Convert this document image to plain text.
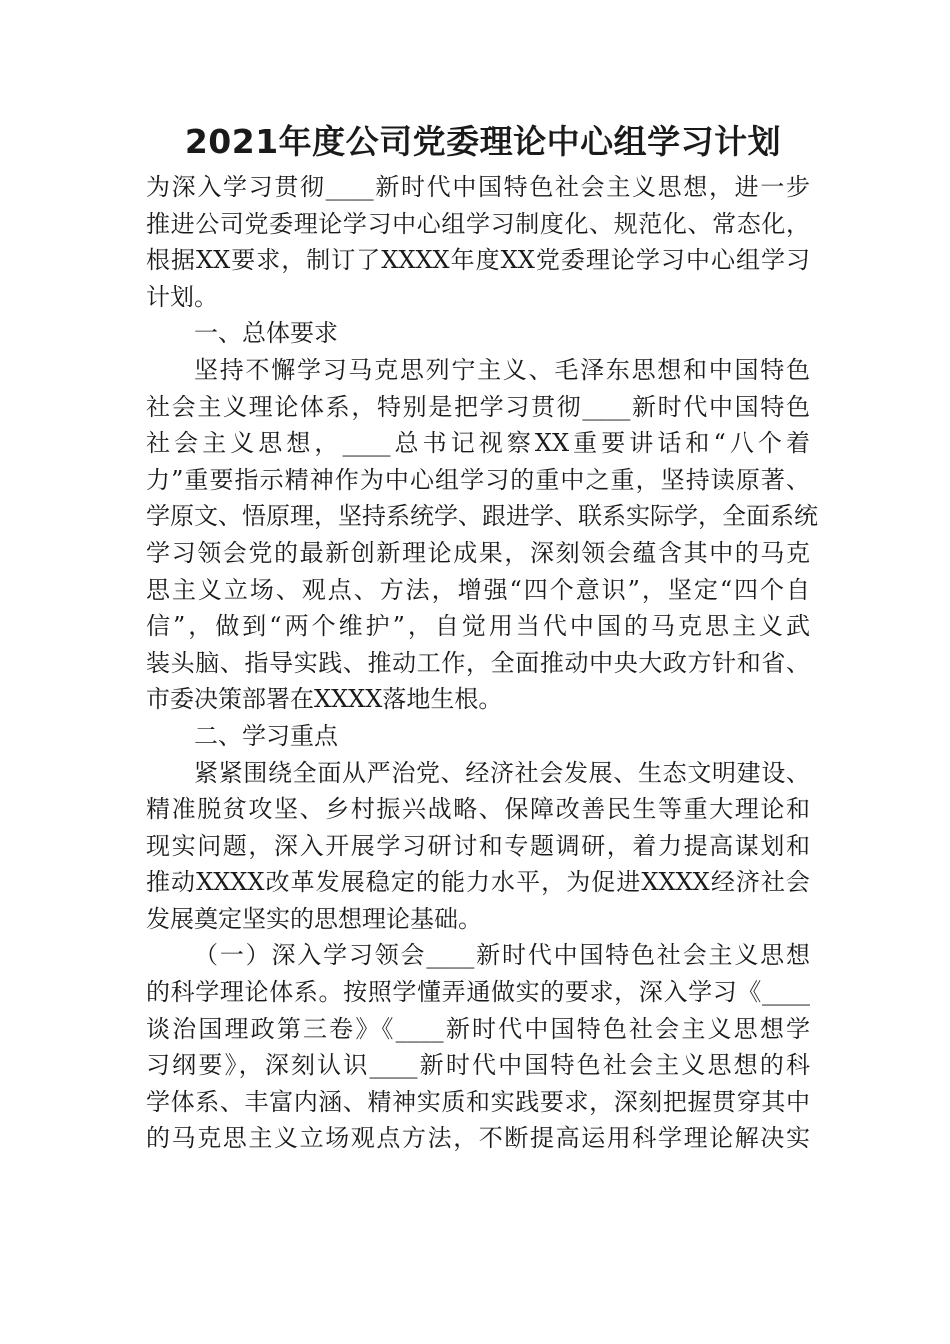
2021年度公司党委理论中心组学习计划

为深入学习贯彻____新时代中国特色社会主义思想，进一步
推进公司党委理论学习中心组学习制度化、规范化、常态化，
根据XX要求，制订了XXXX年度XX党委理论学习中心组学习
计划。

一、总体要求

坚持不懈学习马克思列宁主义、毛泽东思想和中国特色
社会主义理论体系，特别是把学习贯彻____新时代中国特色
社会主义思想，____总书记视察XX重要讲话和“八个着
力”重要指示精神作为中心组学习的重中之重，坚持读原著、
学原文、悟原理，坚持系统学、跟进学、联系实际学，全面系统
学习领会党的最新创新理论成果，深刻领会蕴含其中的马克
思主义立场、观点、方法，增强“四个意识”，坚定“四个自
信”，做到“两个维护”，自觉用当代中国的马克思主义武
装头脑、指导实践、推动工作，全面推动中央大政方针和省、
市委决策部署在XXXX落地生根。

二、学习重点

紧紧围绕全面从严治党、经济社会发展、生态文明建设、
精准脱贫攻坚、乡村振兴战略、保障改善民生等重大理论和
现实问题，深入开展学习研讨和专题调研，着力提高谋划和
推动XXXX改革发展稳定的能力水平，为促进XXXX经济社会
发展奠定坚实的思想理论基础。

（一）深入学习领会____新时代中国特色社会主义思想
的科学理论体系。按照学懂弄通做实的要求，深入学习《____
谈治国理政第三卷》《____新时代中国特色社会主义思想学
习纲要》，深刻认识____新时代中国特色社会主义思想的科
学体系、丰富内涵、精神实质和实践要求，深刻把握贯穿其中
的马克思主义立场观点方法，不断提高运用科学理论解决实
